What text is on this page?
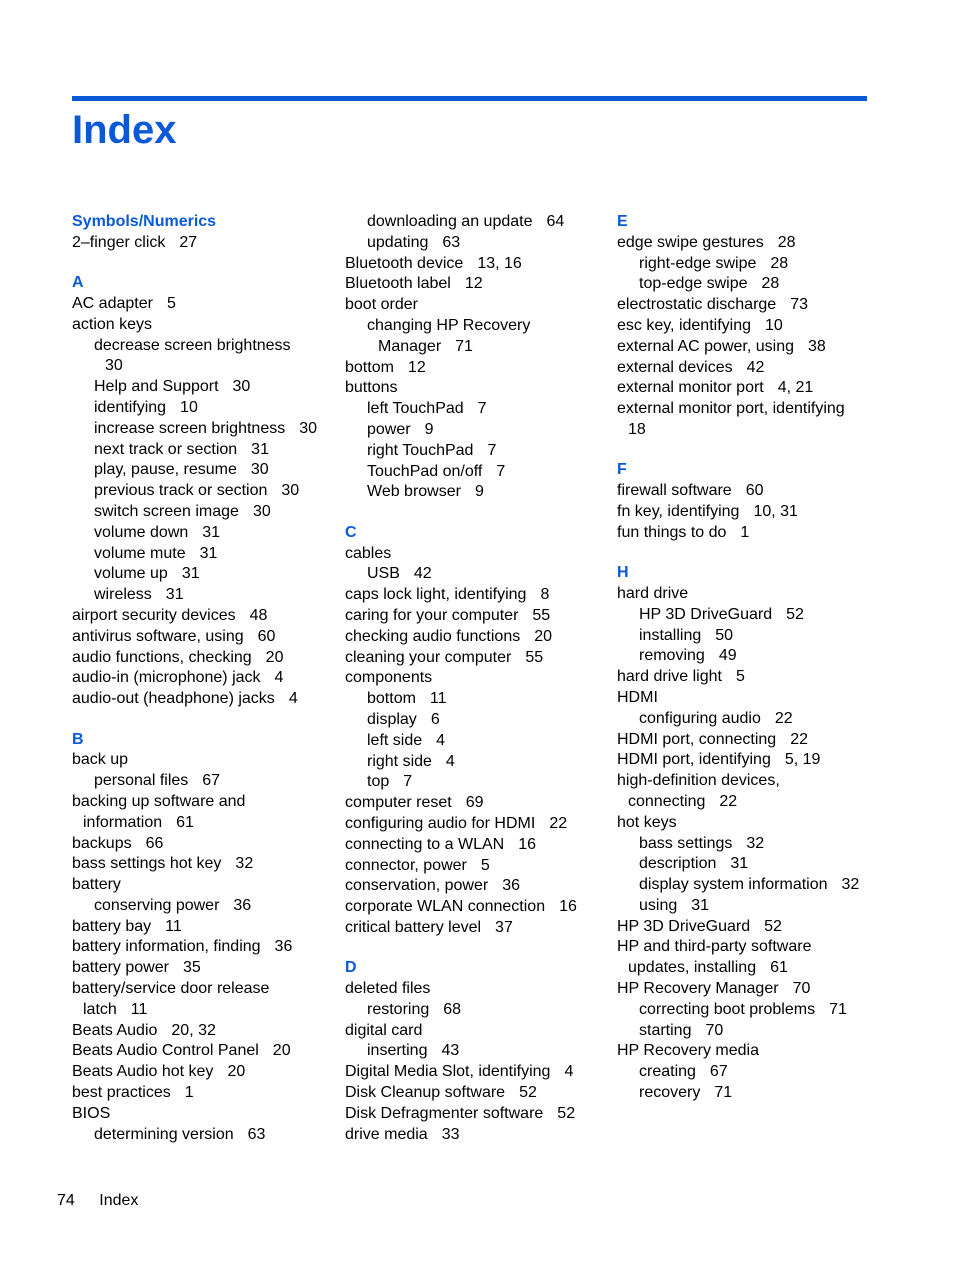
Index
Symbols/Numerics
2–finger click 27
A
AC adapter 5
action keys
decrease screen brightness
30
Help and Support 30
identifying 10
increase screen brightness 30
next track or section 31
play, pause, resume 30
previous track or section 30
switch screen image 30
volume down 31
volume mute 31
volume up 31
wireless 31
airport security devices 48
antivirus software, using 60
audio functions, checking 20
audio-in (microphone) jack 4
audio-out (headphone) jacks 4
B
back up
personal files 67
backing up software and
information 61
backups 66
bass settings hot key 32
battery
conserving power 36
battery bay 11
battery information, finding 36
battery power 35
battery/service door release
latch 11
Beats Audio 20, 32
Beats Audio Control Panel 20
Beats Audio hot key 20
best practices 1
BIOS
determining version 63
downloading an update 64
updating 63
Bluetooth device 13, 16
Bluetooth label 12
boot order
changing HP Recovery
Manager 71
bottom 12
buttons
left TouchPad 7
power 9
right TouchPad 7
TouchPad on/off 7
Web browser 9
C
cables
USB 42
caps lock light, identifying 8
caring for your computer 55
checking audio functions 20
cleaning your computer 55
components
bottom 11
display 6
left side 4
right side 4
top 7
computer reset 69
configuring audio for HDMI 22
connecting to a WLAN 16
connector, power 5
conservation, power 36
corporate WLAN connection 16
critical battery level 37
D
deleted files
restoring 68
digital card
inserting 43
Digital Media Slot, identifying 4
Disk Cleanup software 52
Disk Defragmenter software 52
drive media 33
E
edge swipe gestures 28
right-edge swipe 28
top-edge swipe 28
electrostatic discharge 73
esc key, identifying 10
external AC power, using 38
external devices 42
external monitor port 4, 21
external monitor port, identifying
18
F
firewall software 60
fn key, identifying 10, 31
fun things to do 1
H
hard drive
HP 3D DriveGuard 52
installing 50
removing 49
hard drive light 5
HDMI
configuring audio 22
HDMI port, connecting 22
HDMI port, identifying 5, 19
high-definition devices,
connecting 22
hot keys
bass settings 32
description 31
display system information 32
using 31
HP 3D DriveGuard 52
HP and third-party software
updates, installing 61
HP Recovery Manager 70
correcting boot problems 71
starting 70
HP Recovery media
creating 67
recovery 71
74 Index
